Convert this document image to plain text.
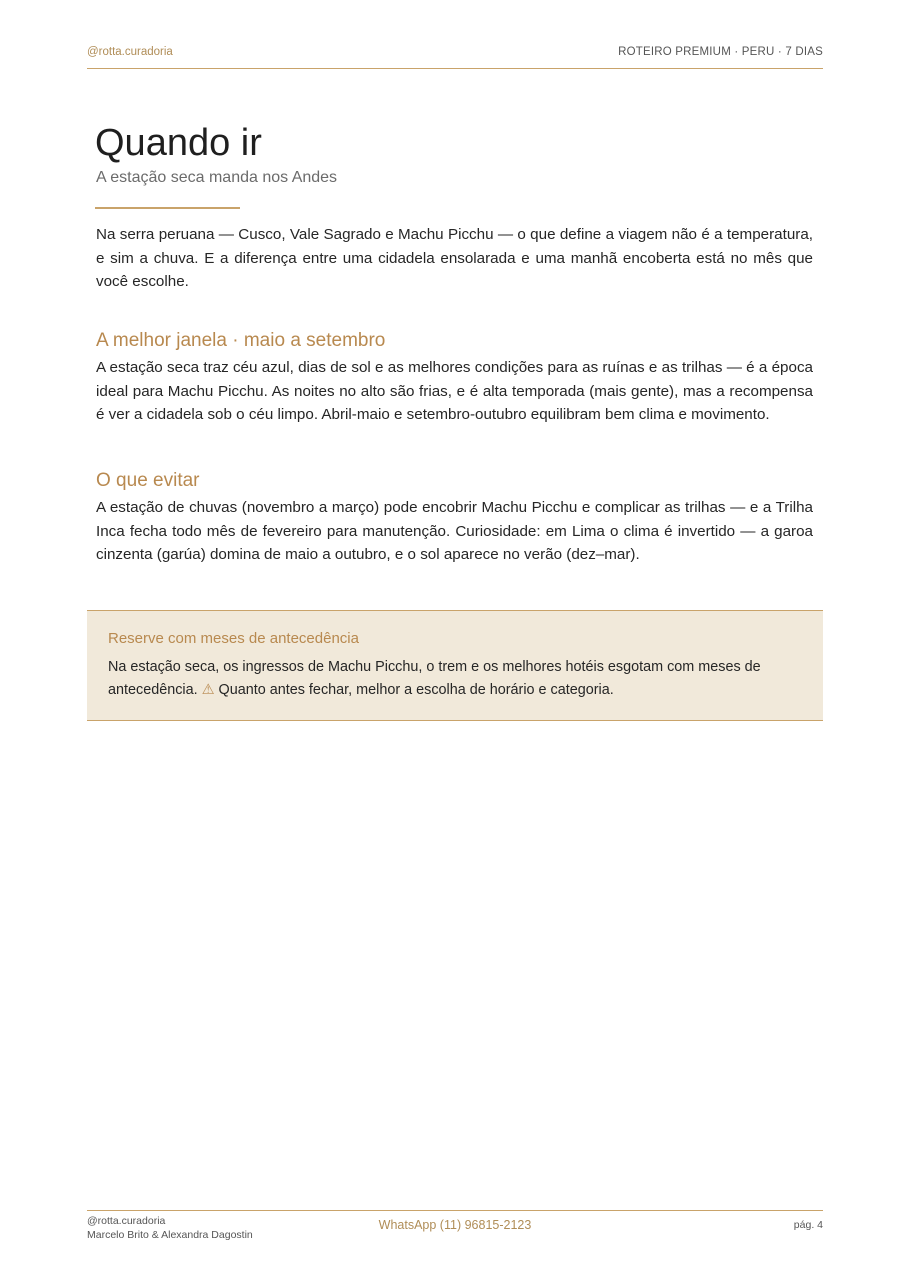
@rotta.curadoria	ROTEIRO PREMIUM · PERU · 7 DIAS
Quando ir
A estação seca manda nos Andes

Na serra peruana — Cusco, Vale Sagrado e Machu Picchu — o que define a viagem não é a temperatura, e sim a chuva. E a diferença entre uma cidadela ensolarada e uma manhã encoberta está no mês que você escolhe.

A melhor janela · maio a setembro

A estação seca traz céu azul, dias de sol e as melhores condições para as ruínas e as trilhas — é a época ideal para Machu Picchu. As noites no alto são frias, e é alta temporada (mais gente), mas a recompensa é ver a cidadela sob o céu limpo. Abril-maio e setembro-outubro equilibram bem clima e movimento.

O que evitar

A estação de chuvas (novembro a março) pode encobrir Machu Picchu e complicar as trilhas — e a Trilha Inca fecha todo mês de fevereiro para manutenção. Curiosidade: em Lima o clima é invertido — a garoa cinzenta (garúa) domina de maio a outubro, e o sol aparece no verão (dez–mar).

Reserve com meses de antecedência

Na estação seca, os ingressos de Machu Picchu, o trem e os melhores hotéis esgotam com meses de antecedência. ⚠ Quanto antes fechar, melhor a escolha de horário e categoria.

@rotta.curadoria
Marcelo Brito & Alexandra Dagostin
WhatsApp (11) 96815-2123	pág. 4
